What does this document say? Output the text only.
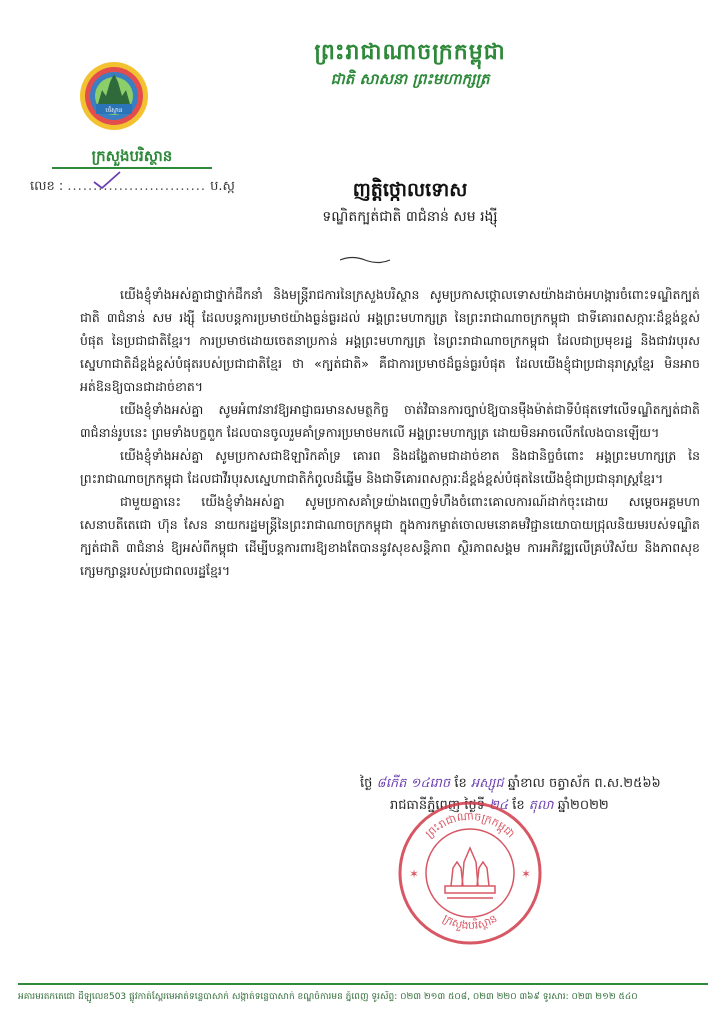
ព្រះរាជាណាចក្រកម្ពុជា
ជាតិ សាសនា ព្រះមហាក្សត្រ
បរិស្ថាន
ក្រសួងបរិស្ថាន
លេខ : ........................... ប.ស្ក	ញត្តិថ្កោលទោស
ទណ្ឌិតក្បត់ជាតិ ៣ជំនាន់ សម រង្ស៊ី

យើងខ្ញុំទាំងអស់គ្នាជាថ្នាក់ដឹកនាំ និងមន្ត្រីរាជការនៃក្រសួងបរិស្ថាន សូមប្រកាសថ្កោលទោសយ៉ាងដាច់អហង្ការចំពោះទណ្ឌិតក្បត់ជាតិ ៣ជំនាន់ សម រង្ស៊ី ដែលបន្តការប្រមាថយ៉ាងធ្ងន់ធ្ងរដល់ អង្គព្រះមហាក្សត្រ នៃព្រះរាជាណាចក្រកម្ពុជា ជាទីគោរពសក្ការៈដ៏ខ្ពង់ខ្ពស់បំផុត នៃប្រជាជាតិខ្មែរ។ ការប្រមាថដោយចេតនាប្រកាន់ អង្គព្រះមហាក្សត្រ នៃព្រះរាជាណាចក្រកម្ពុជា ដែលជាប្រមុខរដ្ឋ និងជាវរបុរសស្នេហាជាតិដ៏ខ្ពង់ខ្ពស់បំផុតរបស់ប្រជាជាតិខ្មែរ ថា «ក្បត់ជាតិ» គឺជាការប្រមាថដ៏ធ្ងន់ធ្ងរបំផុត ដែលយើងខ្ញុំជាប្រជានុរាស្ត្រខ្មែរ មិនអាចអត់ឱនឱ្យបានជាដាច់ខាត។

យើងខ្ញុំទាំងអស់គ្នា សូមអំពាវនាវឱ្យអាជ្ញាធរមានសមត្ថកិច្ច ចាត់វិធានការច្បាប់ឱ្យបានម៉ឺងម៉ាត់ជាទីបំផុតទៅលើទណ្ឌិតក្បត់ជាតិ ៣ជំនាន់រូបនេះ ព្រមទាំងបក្ខពួក ដែលបានចូលរួមគាំទ្រការប្រមាថមកលើ អង្គព្រះមហាក្សត្រ ដោយមិនអាចលើកលែងបានឡើយ។

យើងខ្ញុំទាំងអស់គ្នា សូមប្រកាសជាឱឡារិកគាំទ្រ គោរព និងដង្ហែតាមជាដាច់ខាត និងជានិច្ចចំពោះ អង្គព្រះមហាក្សត្រ នៃព្រះរាជាណាចក្រកម្ពុជា ដែលជាវីរបុរសស្នេហាជាតិកំពូលដ៏ឆ្នើម និងជាទីគោរពសក្ការៈដ៏ខ្ពង់ខ្ពស់បំផុតនៃយើងខ្ញុំជាប្រជានុរាស្ត្រខ្មែរ។

ជាមួយគ្នានេះ យើងខ្ញុំទាំងអស់គ្នា សូមប្រកាសគាំទ្រយ៉ាងពេញទំហឹងចំពោះគោលការណ៍ដាក់ចុះដោយ សម្តេចអគ្គមហាសេនាបតីតេជោ ហ៊ុន សែន នាយករដ្ឋមន្ត្រីនៃព្រះរាជាណាចក្រកម្ពុជា ក្នុងការកម្ចាត់ចោលមនោគមវិជ្ជានយោបាយជ្រុលនិយមរបស់ទណ្ឌិតក្បត់ជាតិ ៣ជំនាន់ ឱ្យអស់ពីកម្ពុជា ដើម្បីបន្តការពារឱ្យខាងតែបាននូវសុខសន្តិភាព ស្ថិរភាពសង្គម ការអភិវឌ្ឍលើគ្រប់វិស័យ និងភាពសុខក្សេមក្សាន្តរបស់ប្រជាពលរដ្ឋខ្មែរ។

ថ្ងៃ ៨កើត ១៤រោច ខែ អស្សុជ ឆ្នាំខាល ចត្វាស័ក ព.ស.២៥៦៦
រាជធានីភ្នំពេញ ថ្ងៃទី ២៤ ខែ តុលា ឆ្នាំ២០២២
ព្រះរាជាណាចក្រកម្ពុជា
ក្រសួងបរិស្ថាន
✶	✶
អគារមរតកតេជោ ដីឡូលេខ503 ផ្លូវកាត់ស្ពែរមេអាត់ទន្លេបាសាក់ សង្កាត់ទន្លេបាសាក់ ខណ្ឌចំការមន ភ្នំពេញ ទូរស័ព្ទ: ០២៣ ២១៣ ៥០៨, ០២៣ ២២០ ៣៦៩ ទូរសារ: ០២៣ ២១២ ៥៤០
